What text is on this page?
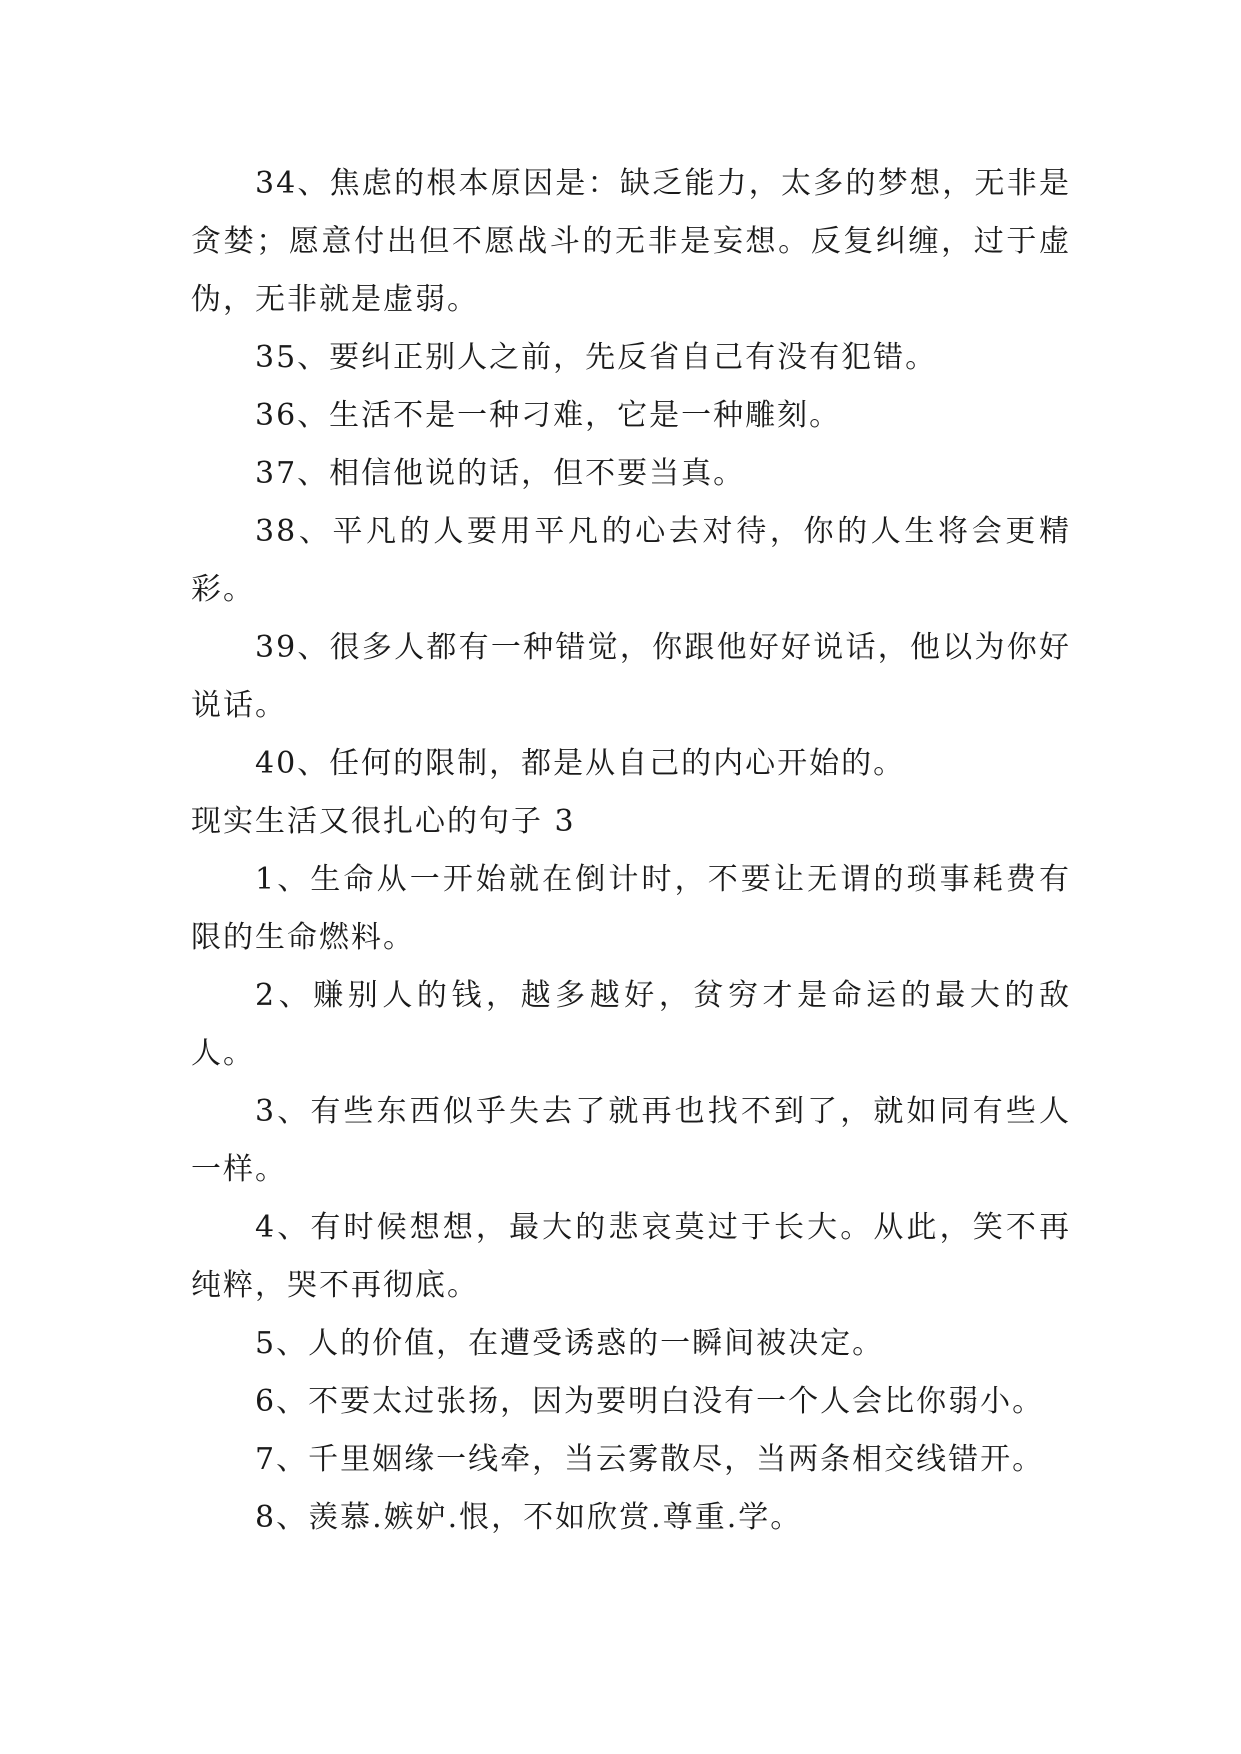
34、焦虑的根本原因是：缺乏能力，太多的梦想，无非是贪婪；愿意付出但不愿战斗的无非是妄想。反复纠缠，过于虚伪，无非就是虚弱。

35、要纠正别人之前，先反省自己有没有犯错。

36、生活不是一种刁难，它是一种雕刻。

37、相信他说的话，但不要当真。

38、平凡的人要用平凡的心去对待，你的人生将会更精彩。

39、很多人都有一种错觉，你跟他好好说话，他以为你好说话。

40、任何的限制，都是从自己的内心开始的。

现实生活又很扎心的句子 3

1、生命从一开始就在倒计时，不要让无谓的琐事耗费有限的生命燃料。

2、赚别人的钱，越多越好，贫穷才是命运的最大的敌人。

3、有些东西似乎失去了就再也找不到了，就如同有些人一样。

4、有时候想想，最大的悲哀莫过于长大。从此，笑不再纯粹，哭不再彻底。

5、人的价值，在遭受诱惑的一瞬间被决定。

6、不要太过张扬，因为要明白没有一个人会比你弱小。

7、千里姻缘一线牵，当云雾散尽，当两条相交线错开。

8、羡慕.嫉妒.恨，不如欣赏.尊重.学。
